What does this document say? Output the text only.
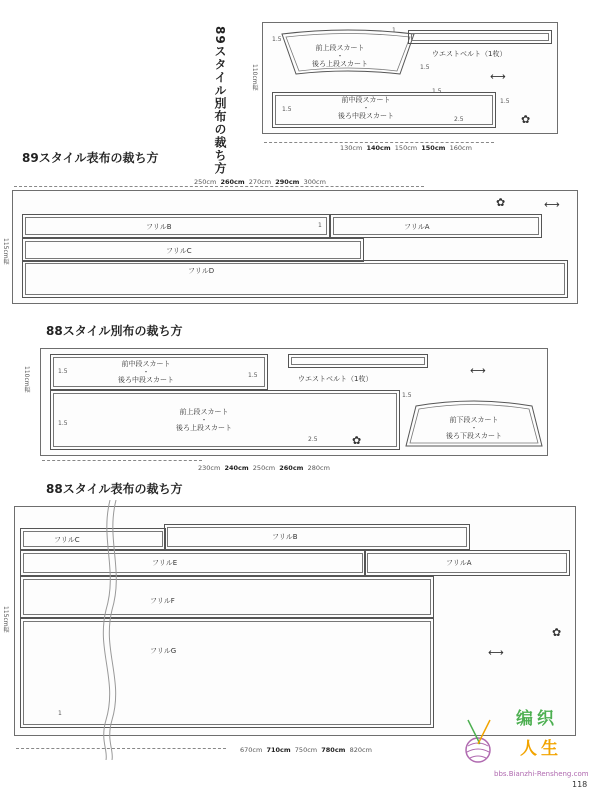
89スタイル別布の裁ち方	110cm幅
前上段スカート
・
後ろ上段スカート
1.5
1.5
ウエストベルト（1枚）
1
⟷
前中段スカート
・
後ろ中段スカート
1.5
1.5
1.5
2.5	✿
130cm 140cm 150cm 150cm 160cm
89スタイル表布の裁ち方
250cm 260cm 270cm 290cm 300cm
115cm幅
フリルB	フリルA
フリルC
フリルD
1
✿	⟷
88スタイル別布の裁ち方
110cm幅
前中段スカート
・
後ろ中段スカート
1.5
1.5	ウエストベルト（1枚）
⟷
前上段スカート
・
後ろ上段スカート
1.5
1.5
2.5
前下段スカート
・
後ろ下段スカート
✿
230cm 240cm 250cm 260cm 280cm
88スタイル表布の裁ち方
115cm幅
フリルC	フリルB
フリルE	フリルA
フリルF
フリルG
1
✿
⟷
670cm 710cm 750cm 780cm 820cm
编织
人生
bbs.Bianzhi-Rensheng.com
118
